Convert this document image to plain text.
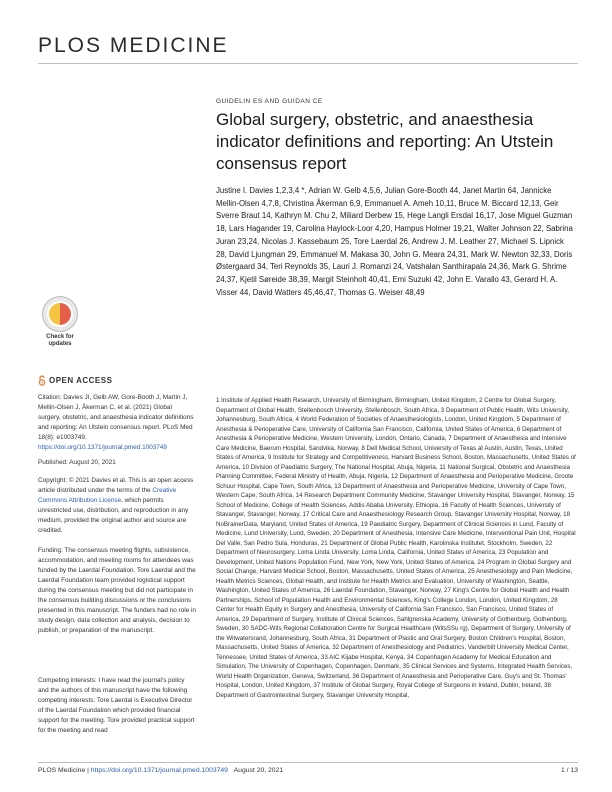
PLOS MEDICINE
Check for updates
OPEN ACCESS
Citation: Davies JI, Gelb AW, Gore-Booth J, Martin J, Mellin-Olsen J, Åkerman C, et al. (2021) Global surgery, obstetric, and anaesthesia indicator definitions and reporting: An Utstein consensus report. PLoS Med 18(8): e1003749. https://doi.org/10.1371/journal.pmed.1003749
Published: August 20, 2021
Copyright: © 2021 Davies et al. This is an open access article distributed under the terms of the Creative Commons Attribution License, which permits unrestricted use, distribution, and reproduction in any medium, provided the original author and source are credited.
Funding: The consensus meeting flights, subsistence, accommodation, and meeting rooms for attendees was funded by the Laerdal Foundation. Tore Laerdal and the Laerdal Foundation team provided logistical support during the consensus meeting but did not participate in the consensus building discussions or the conclusions presented in this manuscript. The funders had no role in study design, data collection and analysis, decision to publish, or preparation of the manuscript.
Competing interests: I have read the journal's policy and the authors of this manuscript have the following competing interests: Tore Laerdal is Executive Director of the Laerdal Foundation which provided financial support for the meeting. Tore provided practical support for the meeting and read
GUIDELIN ES AND GUIDAN CE
Global surgery, obstetric, and anaesthesia indicator definitions and reporting: An Utstein consensus report
Justine I. Davies 1,2,3,4 *, Adrian W. Gelb 4,5,6, Julian Gore-Booth 44, Janet Martin 64, Jannicke Mellin-Olsen 4,7,8, Christina Åkerman 6,9, Emmanuel A. Ameh 10,11, Bruce M. Biccard 12,13, Geir Sverre Braut 14, Kathryn M. Chu 2, Miliard Derbew 15, Hege Langli Ersdal 16,17, Jose Miguel Guzman 18, Lars Hagander 19, Carolina Haylock-Loor 4,20, Hampus Holmer 19,21, Walter Johnson 22, Sabrina Juran 23,24, Nicolas J. Kassebaum 25, Tore Laerdal 26, Andrew J. M. Leather 27, Michael S. Lipnick 28, David Ljungman 29, Emmanuel M. Makasa 30, John G. Meara 24,31, Mark W. Newton 32,33, Doris Østergaard 34, Teri Reynolds 35, Lauri J. Romanzi 24, Vatshalan Santhirapala 24,36, Mark G. Shrime 24,37, Kjetil Søreide 38,39, Margit Steinholt 40,41, Emi Suzuki 42, John E. Varallo 43, Gerard H. A. Visser 44, David Watters 45,46,47, Thomas G. Weiser 48,49
1 Institute of Applied Health Research, University of Birmingham, Birmingham, United Kingdom, 2 Centre for Global Surgery, Department of Global Health, Stellenbosch University, Stellenbosch, South Africa, 3 Department of Public Health, Wits University, Johannesburg, South Africa, 4 World Federation of Societies of Anaesthesiologists, London, United Kingdom, 5 Department of Anesthesia & Perioperative Care, University of California San Francisco, California, United States of America, 6 Department of Anesthesia & Perioperative Medicine, Western University, London, Ontario, Canada, 7 Department of Anaesthesia and Intensive Care Medicine, Baerum Hospital, Sandvika, Norway, 8 Dell Medical School, University of Texas at Austin, Austin, Texas, United States of America, 9 Institute for Strategy and Competitiveness, Harvard Business School, Boston, Massachusetts, United States of America, 10 Division of Paediatric Surgery, The National Hospital, Abuja, Nigeria, 11 National Surgical, Obstetric and Anaesthesia Planning Committee, Federal Ministry of Health, Abuja, Nigeria, 12 Department of Anaesthesia and Perioperative Medicine, Groote Schuur Hospital, Cape Town, South Africa, 13 Department of Anaesthesia and Perioperative Medicine, University of Cape Town, Western Cape, South Africa, 14 Research Department Community Medicine, Stavanger University Hospital, Stavanger, Norway, 15 School of Medicine, College of Health Sciences, Addis Ababa University, Ethiopia, 16 Faculty of Health Sciences, University of Stavanger, Stavanger, Norway, 17 Critical Care and Anaesthesiology Research Group, Stavanger University Hospital, Norway, 18 NoBrainerData, Maryland, United States of America, 19 Paediatric Surgery, Department of Clinical Sciences in Lund, Faculty of Medicine, Lund University, Lund, Sweden, 20 Department of Anesthesia, Intensive Care Medicine, Interventional Pain Unit, Hospital Del Valle, San Pedro Sula, Honduras, 21 Department of Global Public Health, Karolinska Institutet, Stockholm, Sweden, 22 Department of Neurosurgery, Loma Linda University, Loma Linda, California, United States of America, 23 Population and Development, United Nations Population Fund, New York, New York, United States of America, 24 Program in Global Surgery and Social Change, Harvard Medical School, Boston, Massachusetts, United States of America, 25 Anesthesiology and Pain Medicine, Health Metrics Sciences, Global Health, and Institute for Health Metrics and Evaluation, University of Washington, Seattle, Washington, United States of America, 26 Laerdal Foundation, Stavanger, Norway, 27 King's Centre for Global Health and Health Partnerships, School of Population Health and Environmental Sciences, King's College London, London, United Kingdom, 28 Center for Health Equity in Surgery and Anesthesia, University of California San Francisco, San Francisco, United States of America, 29 Department of Surgery, Institute of Clinical Sciences, Sahlgrenska Academy, University of Gothenburg, Gothenburg, Sweden, 30 SADC-Wits Regional Collaboration Centre for Surgical Healthcare (WitsSSu rg), Department of Surgery, University of the Witwatersrand, Johannesburg, South Africa, 31 Department of Plastic and Oral Surgery, Boston Children's Hospital, Boston, Massachusetts, United States of America, 32 Department of Anesthesiology and Pediatrics, Vanderbilt University Medical Center, Tennessee, United States of America, 33 AIC Kijabe Hospital, Kenya, 34 Copenhagen Academy for Medical Education and Simulation, The University of Copenhagen, Copenhagen, Denmark, 35 Clinical Services and Systems, Integrated Health Services, World Health Organization, Geneva, Switzerland, 36 Department of Anaesthesia and Perioperative Care, Guy's and St. Thomas' Hospital, London, United Kingdom, 37 Institute of Global Surgery, Royal College of Surgeons in Ireland, Dublin, Ireland, 38 Department of Gastrointestinal Surgery, Stavanger University Hospital,
PLOS Medicine | https://doi.org/10.1371/journal.pmed.1003749 August 20, 2021	1 / 13
